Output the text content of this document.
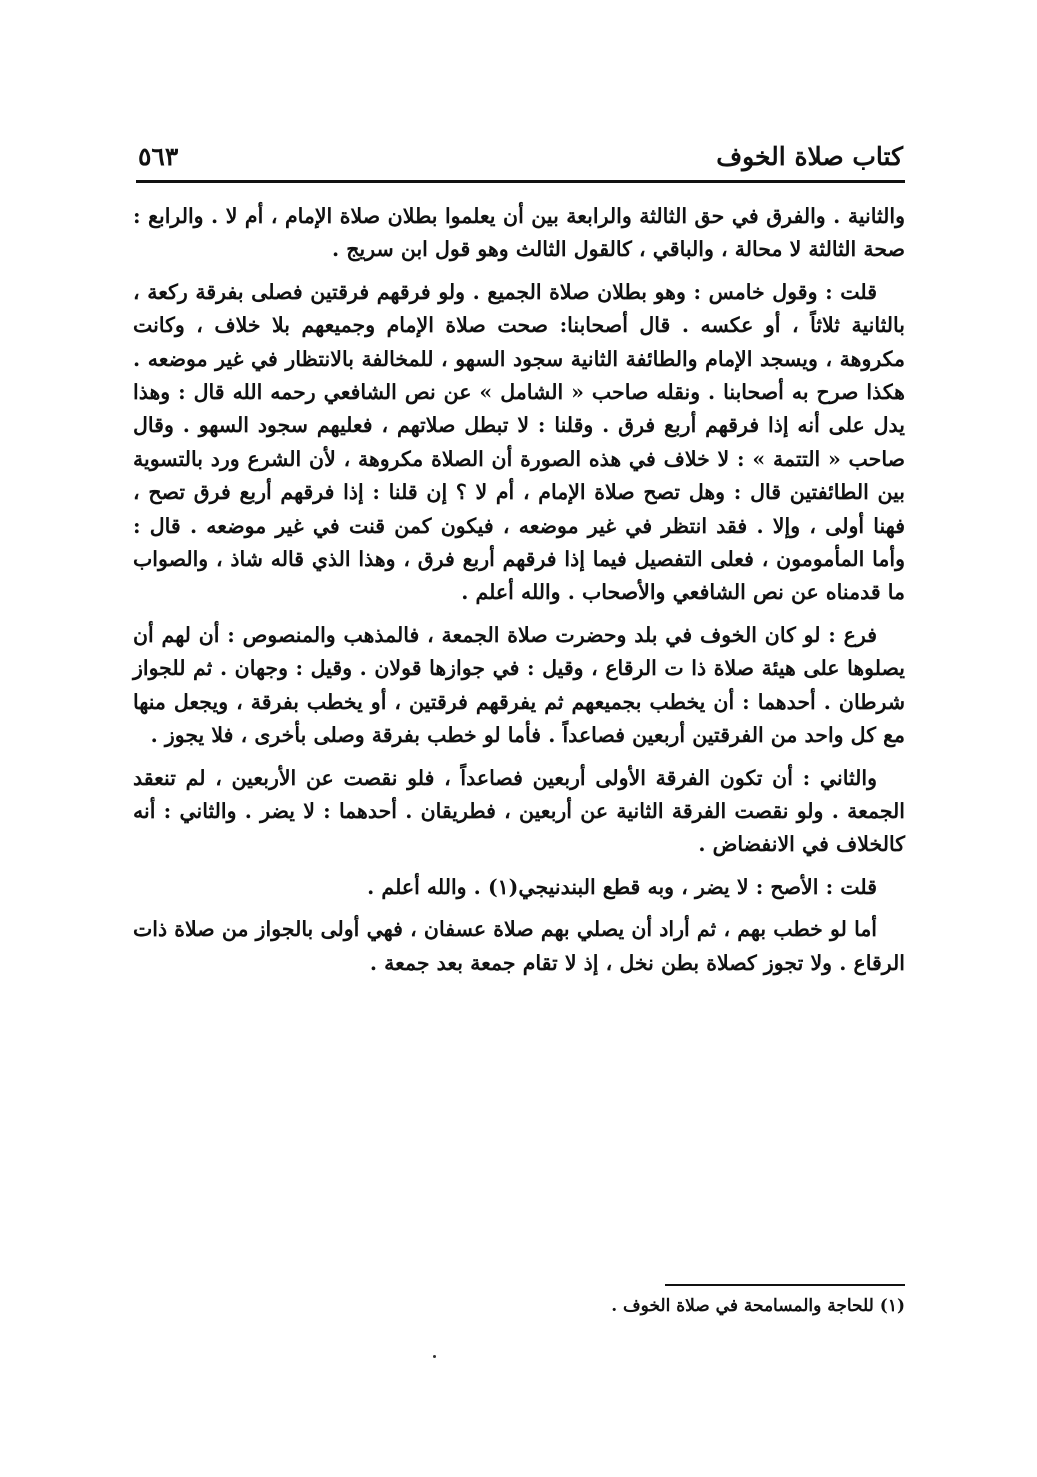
كتاب صلاة الخوف
٥٦٣

والثانية . والفرق في حق الثالثة والرابعة بين أن يعلموا بطلان صلاة الإمام ، أم لا . والرابع : صحة الثالثة لا محالة ، والباقي ، كالقول الثالث وهو قول ابن سريج .

قلت : وقول خامس : وهو بطلان صلاة الجميع . ولو فرقهم فرقتين فصلى بفرقة ركعة ، بالثانية ثلاثاً ، أو عكسه . قال أصحابنا: صحت صلاة الإمام وجميعهم بلا خلاف ، وكانت مكروهة ، ويسجد الإمام والطائفة الثانية سجود السهو ، للمخالفة بالانتظار في غير موضعه . هكذا صرح به أصحابنا . ونقله صاحب « الشامل » عن نص الشافعي رحمه الله قال : وهذا يدل على أنه إذا فرقهم أربع فرق . وقلنا : لا تبطل صلاتهم ، فعليهم سجود السهو . وقال صاحب « التتمة » : لا خلاف في هذه الصورة أن الصلاة مكروهة ، لأن الشرع ورد بالتسوية بين الطائفتين قال : وهل تصح صلاة الإمام ، أم لا ؟ إن قلنا : إذا فرقهم أربع فرق تصح ، فهنا أولى ، وإلا . فقد انتظر في غير موضعه ، فيكون كمن قنت في غير موضعه . قال : وأما المأمومون ، فعلى التفصيل فيما إذا فرقهم أربع فرق ، وهذا الذي قاله شاذ ، والصواب ما قدمناه عن نص الشافعي والأصحاب . والله أعلم .

فرع : لو كان الخوف في بلد وحضرت صلاة الجمعة ، فالمذهب والمنصوص : أن لهم أن يصلوها على هيئة صلاة ذا ت الرقاع ، وقيل : في جوازها قولان . وقيل : وجهان . ثم للجواز شرطان . أحدهما : أن يخطب بجميعهم ثم يفرقهم فرقتين ، أو يخطب بفرقة ، ويجعل منها مع كل واحد من الفرقتين أربعين فصاعداً . فأما لو خطب بفرقة وصلى بأخرى ، فلا يجوز .

والثاني : أن تكون الفرقة الأولى أربعين فصاعداً ، فلو نقصت عن الأربعين ، لم تنعقد الجمعة . ولو نقصت الفرقة الثانية عن أربعين ، فطريقان . أحدهما : لا يضر . والثاني : أنه كالخلاف في الانفضاض .

قلت : الأصح : لا يضر ، وبه قطع البندنيجي(١) . والله أعلم .

أما لو خطب بهم ، ثم أراد أن يصلي بهم صلاة عسفان ، فهي أولى بالجواز من صلاة ذات الرقاع . ولا تجوز كصلاة بطن نخل ، إذ لا تقام جمعة بعد جمعة .

(١) للحاجة والمسامحة في صلاة الخوف .
